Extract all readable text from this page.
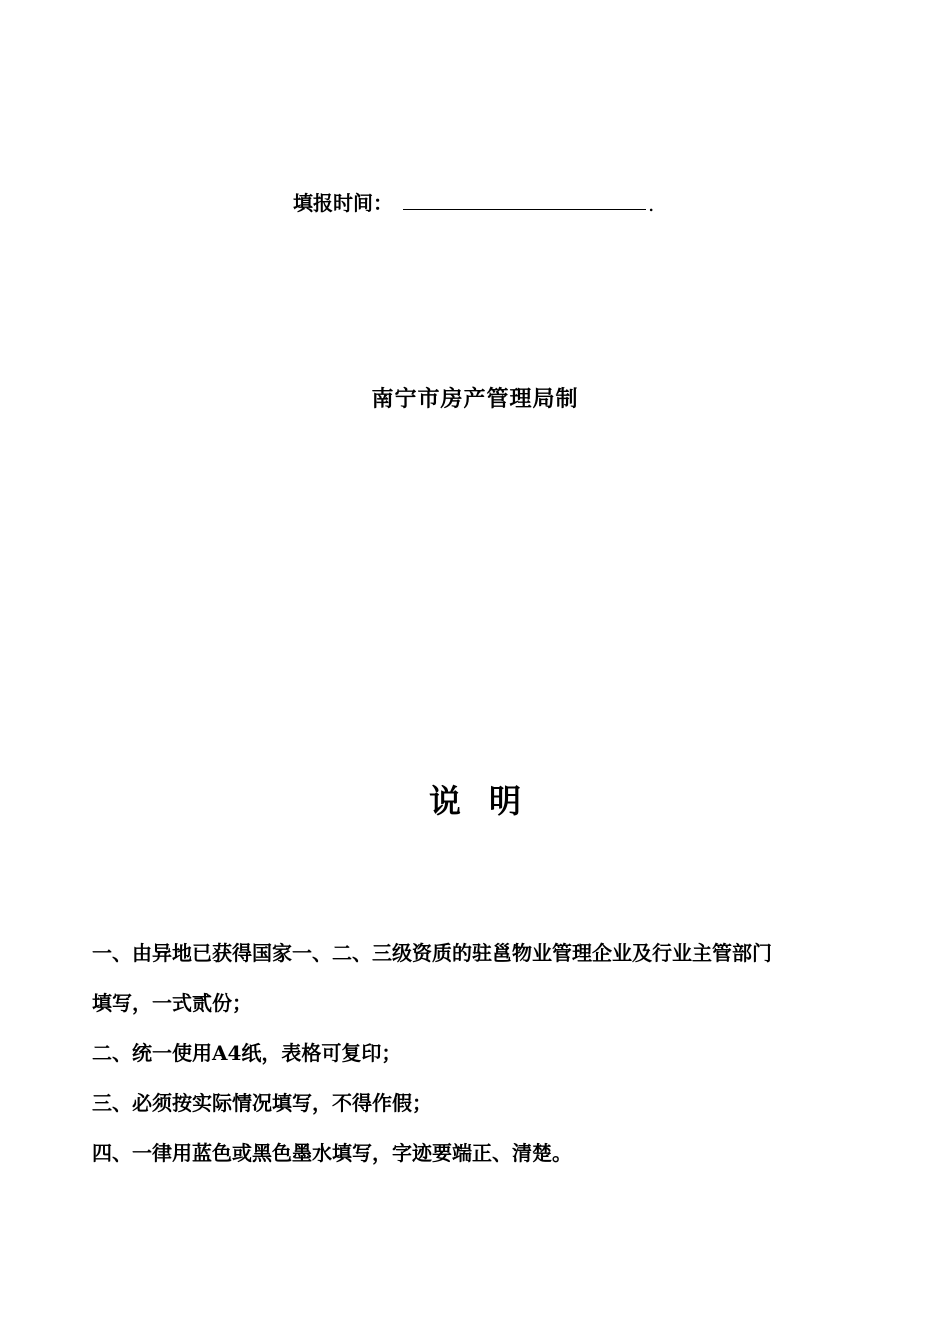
填报时间：	.
南宁市房产管理局制
说明

一、由异地已获得国家一、二、三级资质的驻邕物业管理企业及行业主管部门

填写，一式贰份；

二、统一使用A4纸，表格可复印；

三、必须按实际情况填写，不得作假；

四、一律用蓝色或黑色墨水填写，字迹要端正、清楚。
